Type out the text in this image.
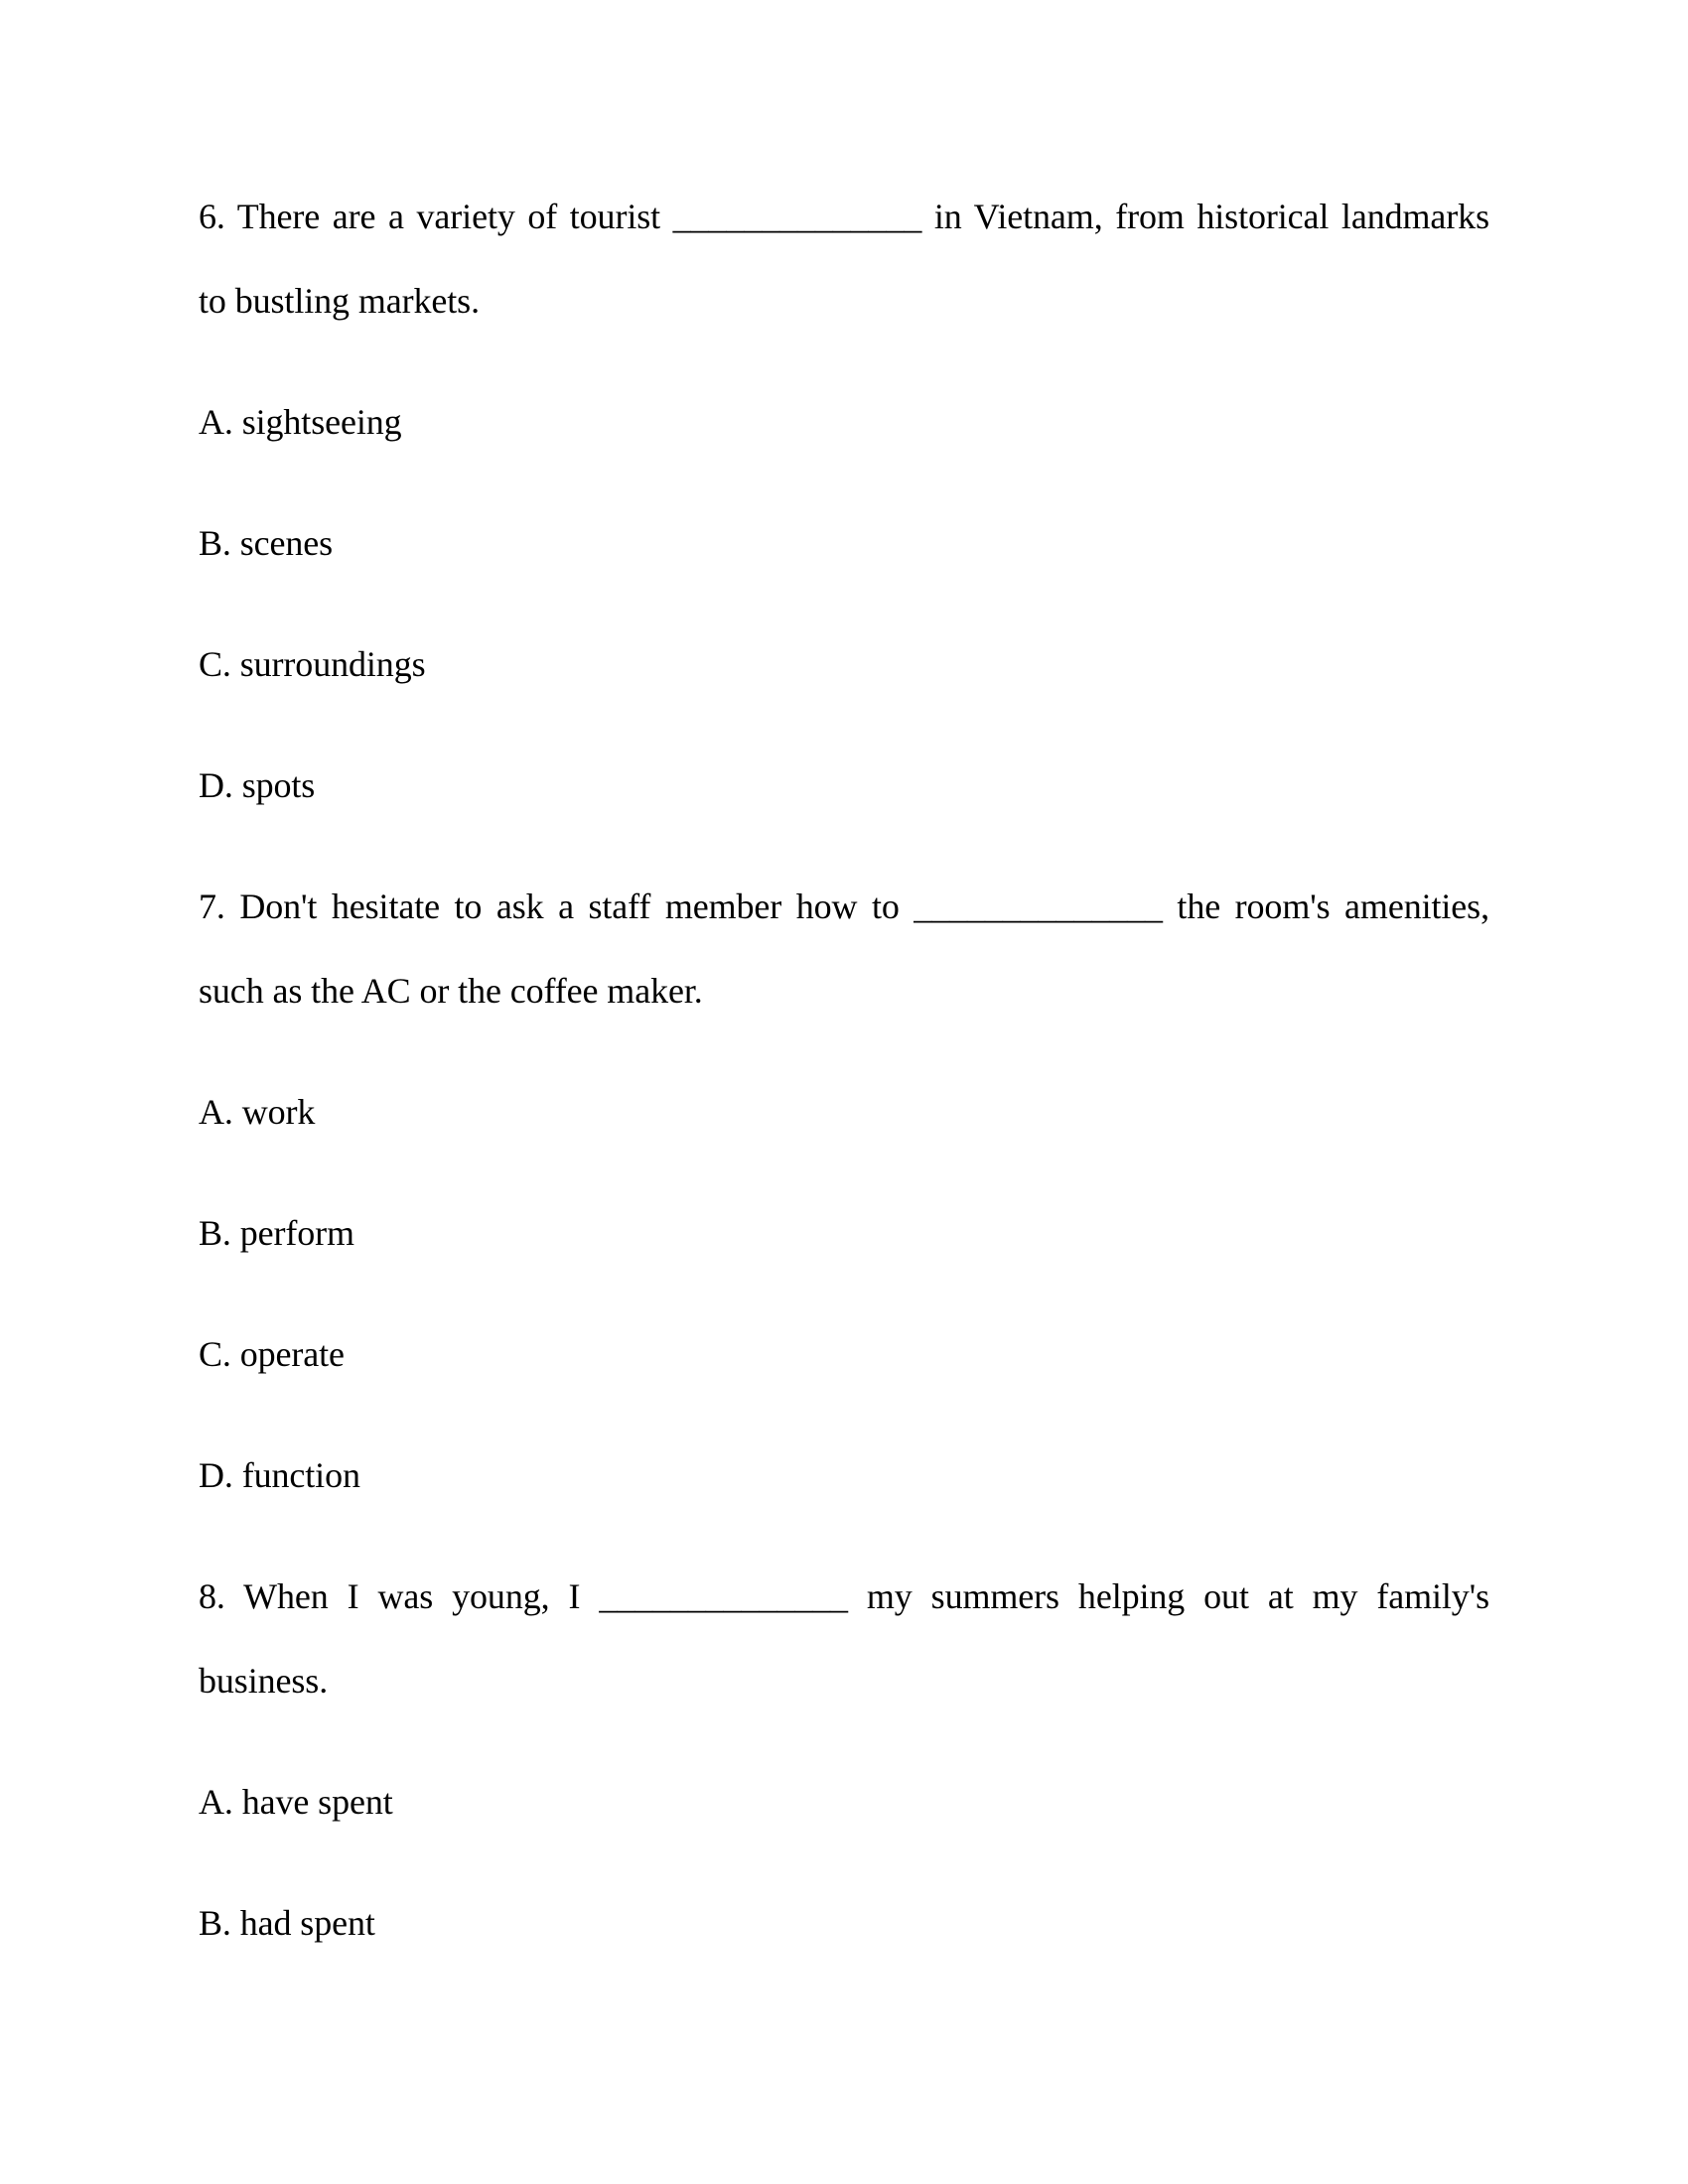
6. There are a variety of tourist ______________ in Vietnam, from historical landmarks
to bustling markets.
A. sightseeing
B. scenes
C. surroundings
D. spots
7. Don't hesitate to ask a staff member how to ______________ the room's amenities,
such as the AC or the coffee maker.
A. work
B. perform
C. operate
D. function
8. When I was young, I ______________ my summers helping out at my family's
business.
A. have spent
B. had spent
